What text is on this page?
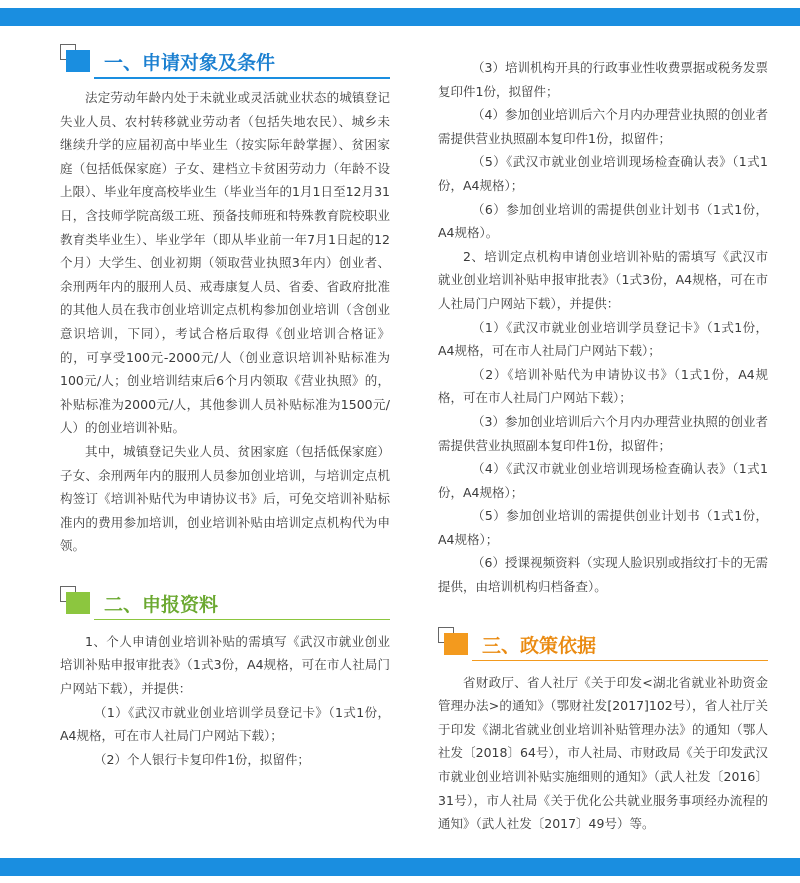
一、申请对象及条件

法定劳动年龄内处于未就业或灵活就业状态的城镇登记失业人员、农村转移就业劳动者（包括失地农民）、城乡未继续升学的应届初高中毕业生（按实际年龄掌握）、贫困家庭（包括低保家庭）子女、建档立卡贫困劳动力（年龄不设上限）、毕业年度高校毕业生（毕业当年的1月1日至12月31日，含技师学院高级工班、预备技师班和特殊教育院校职业教育类毕业生）、毕业学年（即从毕业前一年7月1日起的12个月）大学生、创业初期（领取营业执照3年内）创业者、余刑两年内的服刑人员、戒毒康复人员、省委、省政府批准的其他人员在我市创业培训定点机构参加创业培训（含创业意识培训，下同），考试合格后取得《创业培训合格证》的，可享受100元-2000元/人（创业意识培训补贴标准为100元/人；创业培训结束后6个月内领取《营业执照》的，补贴标准为2000元/人，其他参训人员补贴标准为1500元/人）的创业培训补贴。

其中，城镇登记失业人员、贫困家庭（包括低保家庭）子女、余刑两年内的服刑人员参加创业培训，与培训定点机构签订《培训补贴代为申请协议书》后，可免交培训补贴标准内的费用参加培训，创业培训补贴由培训定点机构代为申领。

二、申报资料

1、个人申请创业培训补贴的需填写《武汉市就业创业培训补贴申报审批表》（1式3份，A4规格，可在市人社局门户网站下载），并提供：

（1）《武汉市就业创业培训学员登记卡》（1式1份，A4规格，可在市人社局门户网站下载）；

（2）个人银行卡复印件1份，拟留件；

（3）培训机构开具的行政事业性收费票据或税务发票复印件1份，拟留件；

（4）参加创业培训后六个月内办理营业执照的创业者需提供营业执照副本复印件1份，拟留件；

（5）《武汉市就业创业培训现场检查确认表》（1式1份，A4规格）；

（6）参加创业培训的需提供创业计划书（1式1份，A4规格）。

2、培训定点机构申请创业培训补贴的需填写《武汉市就业创业培训补贴申报审批表》（1式3份，A4规格，可在市人社局门户网站下载），并提供：

（1）《武汉市就业创业培训学员登记卡》（1式1份，A4规格，可在市人社局门户网站下载）；

（2）《培训补贴代为申请协议书》（1式1份，A4规格，可在市人社局门户网站下载）；

（3）参加创业培训后六个月内办理营业执照的创业者需提供营业执照副本复印件1份，拟留件；

（4）《武汉市就业创业培训现场检查确认表》（1式1份，A4规格）；

（5）参加创业培训的需提供创业计划书（1式1份，A4规格）；

（6）授课视频资料（实现人脸识别或指纹打卡的无需提供，由培训机构归档备查）。

三、政策依据

省财政厅、省人社厅《关于印发<湖北省就业补助资金管理办法>的通知》（鄂财社发[2017]102号），省人社厅关于印发《湖北省就业创业培训补贴管理办法》的通知（鄂人社发〔2018〕64号），市人社局、市财政局《关于印发武汉市就业创业培训补贴实施细则的通知》（武人社发〔2016〕31号），市人社局《关于优化公共就业服务事项经办流程的通知》（武人社发〔2017〕49号）等。
